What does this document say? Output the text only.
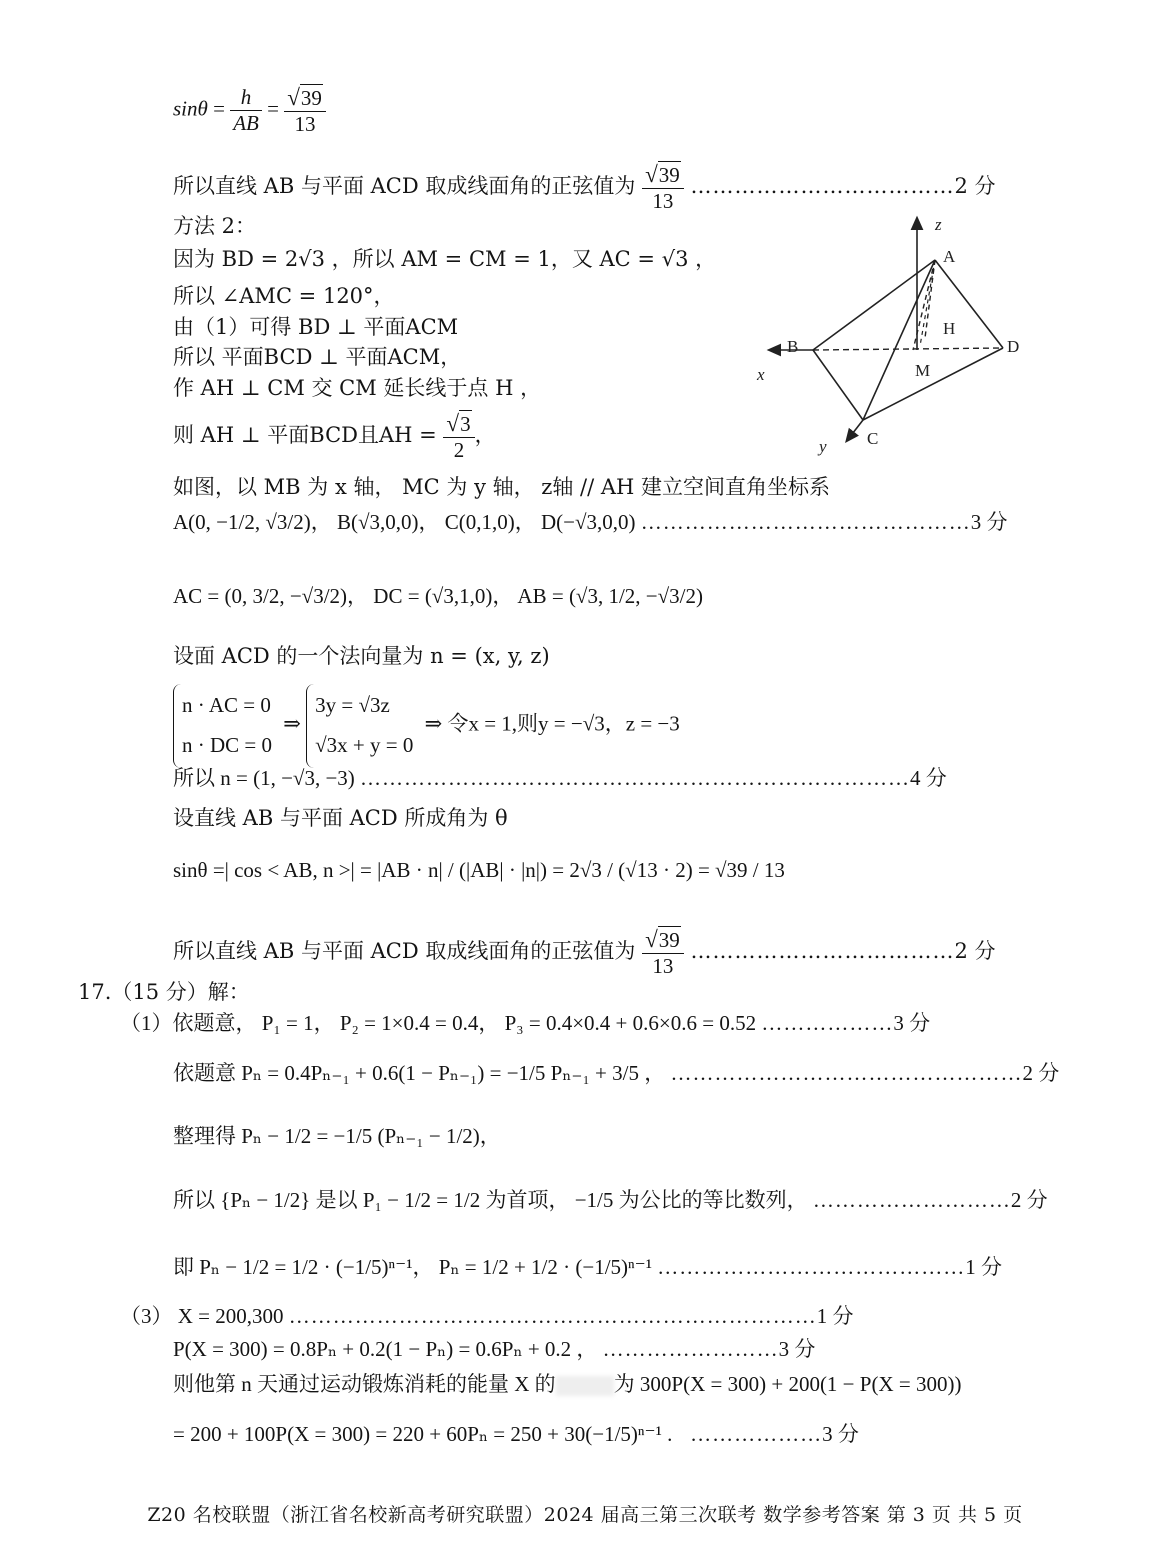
$\sin\theta = \frac{h}{AB} = \frac{√39}{13}$
所以直线 AB 与平面 ACD 取成线面角的正弦值为 $\frac{√39}{13}$ ………………………………2 分
方法 2：
因为 BD = 2√3 ，所以 AM = CM = 1，又 AC = √3 ，
所以 ∠AMC = 120°，
由（1）可得 BD ⊥ 平面ACM
所以 平面BCD ⊥ 平面ACM，
作 AH ⊥ CM 交 CM 延长线于点 H ，
则 AH ⊥ 平面BCD且AH = $\frac{√3}{2}$ ，
如图，以 MB 为 x 轴， MC 为 y 轴， z轴 // AH 建立空间直角坐标系
A(0, −1/2, √3/2)， B(√3,0,0)， C(0,1,0)， D(−√3,0,0) ………………………………………3 分
AC = (0, 3/2, −√3/2)， DC = (√3,1,0)， AB = (√3, 1/2, −√3/2)
设面 ACD 的一个法向量为 n = (x, y, z)
n · AC = 0
n · DC = 0
⇒
3y = √3z
√3x + y = 0
⇒ 令x = 1,则y = −√3，z = −3
所以 n = (1, −√3, −3) …………………………………………………………………4 分
设直线 AB 与平面 ACD 所成角为 θ
sinθ =| cos < AB, n >| = |AB · n| / (|AB| · |n|) = 2√3 / (√13 · 2) = √39 / 13
所以直线 AB 与平面 ACD 取成线面角的正弦值为 $\frac{√39}{13}$ ………………………………2 分
z
A
H
B	D
M
x
y C
17.（15 分）解：
（1）依题意， P₁ = 1， P₂ = 1×0.4 = 0.4， P₃ = 0.4×0.4 + 0.6×0.6 = 0.52 ………………3 分
依题意 Pₙ = 0.4Pₙ₋₁ + 0.6(1 − Pₙ₋₁) = −1/5 Pₙ₋₁ + 3/5 ， …………………………………………2 分
整理得 Pₙ − 1/2 = −1/5 (Pₙ₋₁ − 1/2)，
所以 {Pₙ − 1/2} 是以 P₁ − 1/2 = 1/2 为首项， −1/5 为公比的等比数列， ………………………2 分
即 Pₙ − 1/2 = 1/2 · (−1/5)ⁿ⁻¹， Pₙ = 1/2 + 1/2 · (−1/5)ⁿ⁻¹ ……………………………………1 分
（3） X = 200,300 ………………………………………………………………1 分
P(X = 300) = 0.8Pₙ + 0.2(1 − Pₙ) = 0.6Pₙ + 0.2 ， ……………………3 分
则他第 n 天通过运动锻炼消耗的能量 X 的	为 300P(X = 300) + 200(1 − P(X = 300))
= 200 + 100P(X = 300) = 220 + 60Pₙ = 250 + 30(−1/5)ⁿ⁻¹ .   ………………3 分
Z20 名校联盟（浙江省名校新高考研究联盟）2024 届高三第三次联考 数学参考答案 第 3 页 共 5 页
